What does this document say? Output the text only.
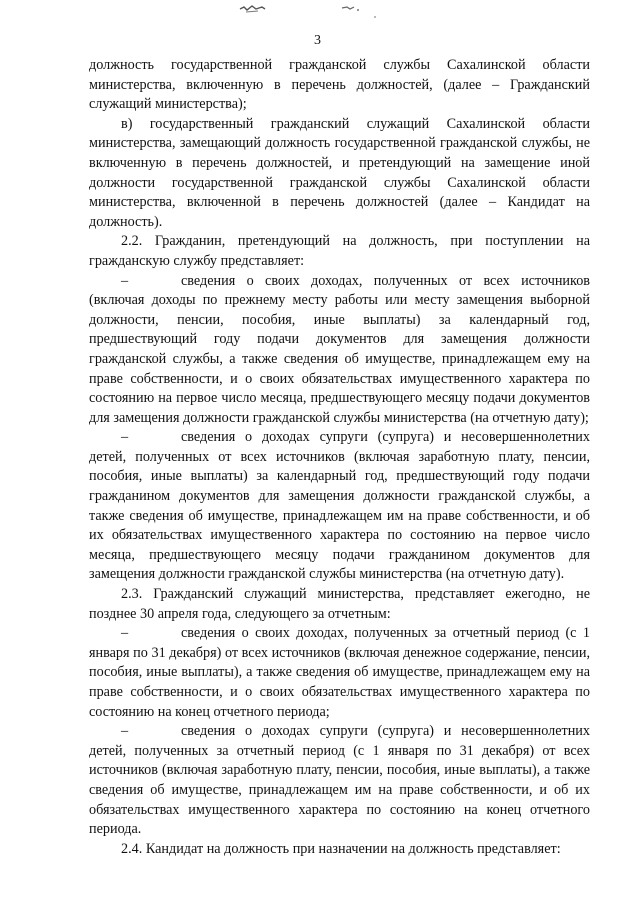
3

должность государственной гражданской службы Сахалинской области министерства, включенную в перечень должностей, (далее – Гражданский служащий министерства);

в) государственный гражданский служащий Сахалинской области министерства, замещающий должность государственной гражданской службы, не включенную в перечень должностей, и претендующий на замещение иной должности государственной гражданской службы Сахалинской области министерства, включенной в перечень должностей (далее – Кандидат на должность).

2.2. Гражданин, претендующий на должность, при поступлении на гражданскую службу представляет:

–	сведения о своих доходах, полученных от всех источников (включая доходы по прежнему месту работы или месту замещения выборной должности, пенсии, пособия, иные выплаты) за календарный год, предшествующий году подачи документов для замещения должности гражданской службы, а также сведения об имуществе, принадлежащем ему на праве собственности, и о своих обязательствах имущественного характера по состоянию на первое число месяца, предшествующего месяцу подачи документов для замещения должности гражданской службы министерства (на отчетную дату);

–	сведения о доходах супруги (супруга) и несовершеннолетних детей, полученных от всех источников (включая заработную плату, пенсии, пособия, иные выплаты) за календарный год, предшествующий году подачи гражданином документов для замещения должности гражданской службы, а также сведения об имуществе, принадлежащем им на праве собственности, и об их обязательствах имущественного характера по состоянию на первое число месяца, предшествующего месяцу подачи гражданином документов для замещения должности гражданской службы министерства (на отчетную дату).

2.3. Гражданский служащий министерства, представляет ежегодно, не позднее 30 апреля года, следующего за отчетным:

–	сведения о своих доходах, полученных за отчетный период (с 1 января по 31 декабря) от всех источников (включая денежное содержание, пенсии, пособия, иные выплаты), а также сведения об имуществе, принадлежащем ему на праве собственности, и о своих обязательствах имущественного характера по состоянию на конец отчетного периода;

–	сведения о доходах супруги (супруга) и несовершеннолетних детей, полученных за отчетный период (с 1 января по 31 декабря) от всех источников (включая заработную плату, пенсии, пособия, иные выплаты), а также сведения об имуществе, принадлежащем им на праве собственности, и об их обязательствах имущественного характера по состоянию на конец отчетного периода.

2.4. Кандидат на должность при назначении на должность представляет:
